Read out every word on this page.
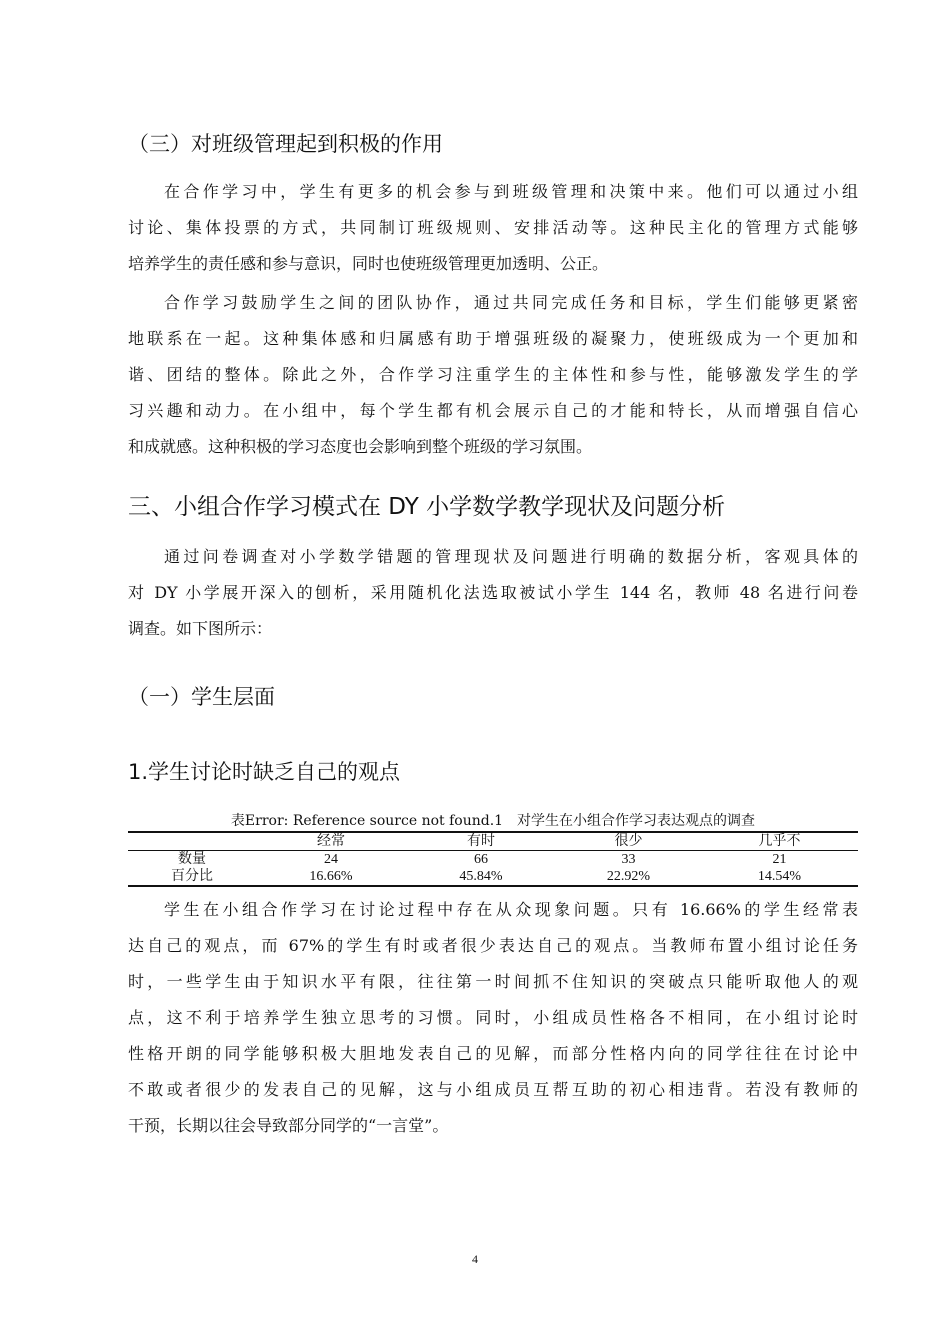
（三）对班级管理起到积极的作用
在合作学习中，学生有更多的机会参与到班级管理和决策中来。他们可以通过小组
讨论、集体投票的方式，共同制订班级规则、安排活动等。这种民主化的管理方式能够
培养学生的责任感和参与意识，同时也使班级管理更加透明、公正。
合作学习鼓励学生之间的团队协作，通过共同完成任务和目标，学生们能够更紧密
地联系在一起。这种集体感和归属感有助于增强班级的凝聚力，使班级成为一个更加和
谐、团结的整体。除此之外，合作学习注重学生的主体性和参与性，能够激发学生的学
习兴趣和动力。在小组中，每个学生都有机会展示自己的才能和特长，从而增强自信心
和成就感。这种积极的学习态度也会影响到整个班级的学习氛围。
三、小组合作学习模式在 DY 小学数学教学现状及问题分析
通过问卷调查对小学数学错题的管理现状及问题进行明确的数据分析，客观具体的
对 DY 小学展开深入的刨析，采用随机化法选取被试小学生 144 名，教师 48 名进行问卷
调查。如下图所示：
（一）学生层面
1.学生讨论时缺乏自己的观点
表Error: Reference source not found.1　对学生在小组合作学习表达观点的调查
	经常	有时	很少	几乎不
数量	24	66	33	21
百分比	16.66%	45.84%	22.92%	14.54%
学生在小组合作学习在讨论过程中存在从众现象问题。只有 16.66%的学生经常表
达自己的观点，而 67%的学生有时或者很少表达自己的观点。当教师布置小组讨论任务
时，一些学生由于知识水平有限，往往第一时间抓不住知识的突破点只能听取他人的观
点，这不利于培养学生独立思考的习惯。同时，小组成员性格各不相同，在小组讨论时
性格开朗的同学能够积极大胆地发表自己的见解，而部分性格内向的同学往往在讨论中
不敢或者很少的发表自己的见解，这与小组成员互帮互助的初心相违背。若没有教师的
干预，长期以往会导致部分同学的“一言堂”。
4
